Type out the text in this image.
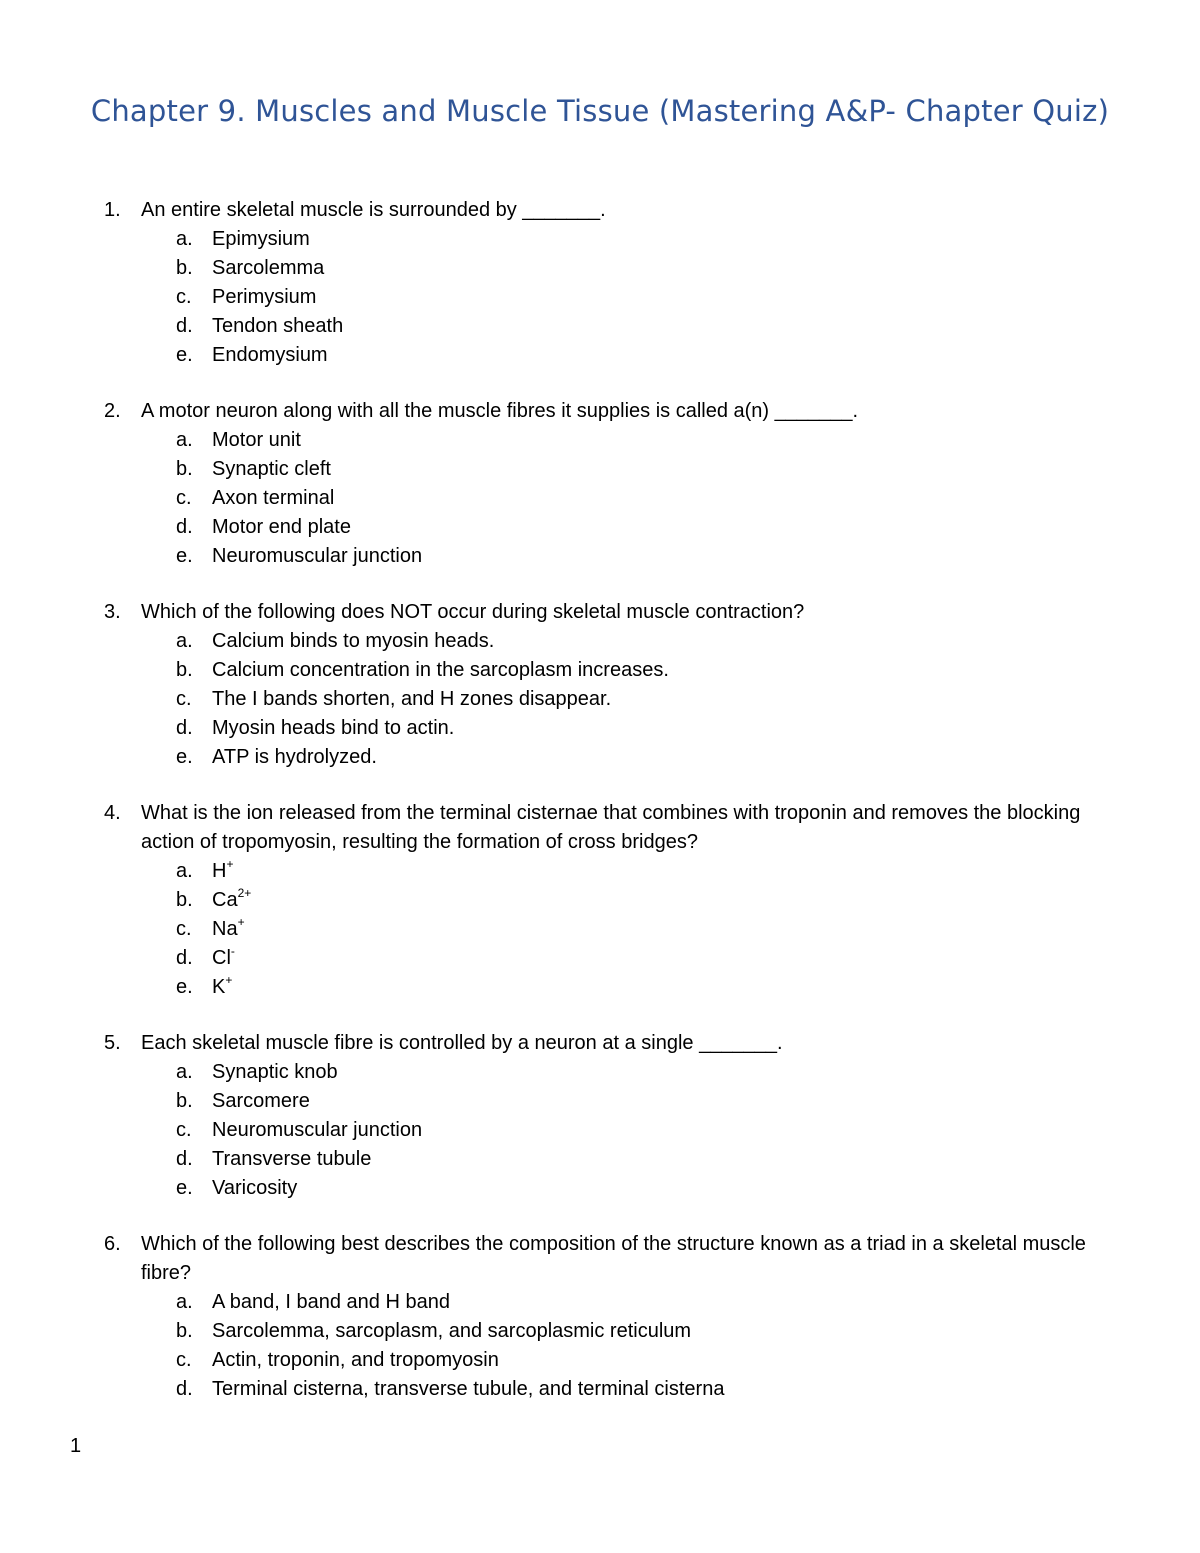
Chapter 9. Muscles and Muscle Tissue (Mastering A&P- Chapter Quiz)
1. An entire skeletal muscle is surrounded by _______.
a. Epimysium
b. Sarcolemma
c. Perimysium
d. Tendon sheath
e. Endomysium
2. A motor neuron along with all the muscle fibres it supplies is called a(n) _______.
a. Motor unit
b. Synaptic cleft
c. Axon terminal
d. Motor end plate
e. Neuromuscular junction
3. Which of the following does NOT occur during skeletal muscle contraction?
a. Calcium binds to myosin heads.
b. Calcium concentration in the sarcoplasm increases.
c. The I bands shorten, and H zones disappear.
d. Myosin heads bind to actin.
e. ATP is hydrolyzed.
4. What is the ion released from the terminal cisternae that combines with troponin and removes the blocking action of tropomyosin, resulting the formation of cross bridges?
a. H+
b. $Ca^{2+}$
c. Na+
d. Cl-
e. K+
5. Each skeletal muscle fibre is controlled by a neuron at a single _______.
a. Synaptic knob
b. Sarcomere
c. Neuromuscular junction
d. Transverse tubule
e. Varicosity
6. Which of the following best describes the composition of the structure known as a triad in a skeletal muscle fibre?
a. A band, I band and H band
b. Sarcolemma, sarcoplasm, and sarcoplasmic reticulum
c. Actin, troponin, and tropomyosin
d. Terminal cisterna, transverse tubule, and terminal cisterna
1
